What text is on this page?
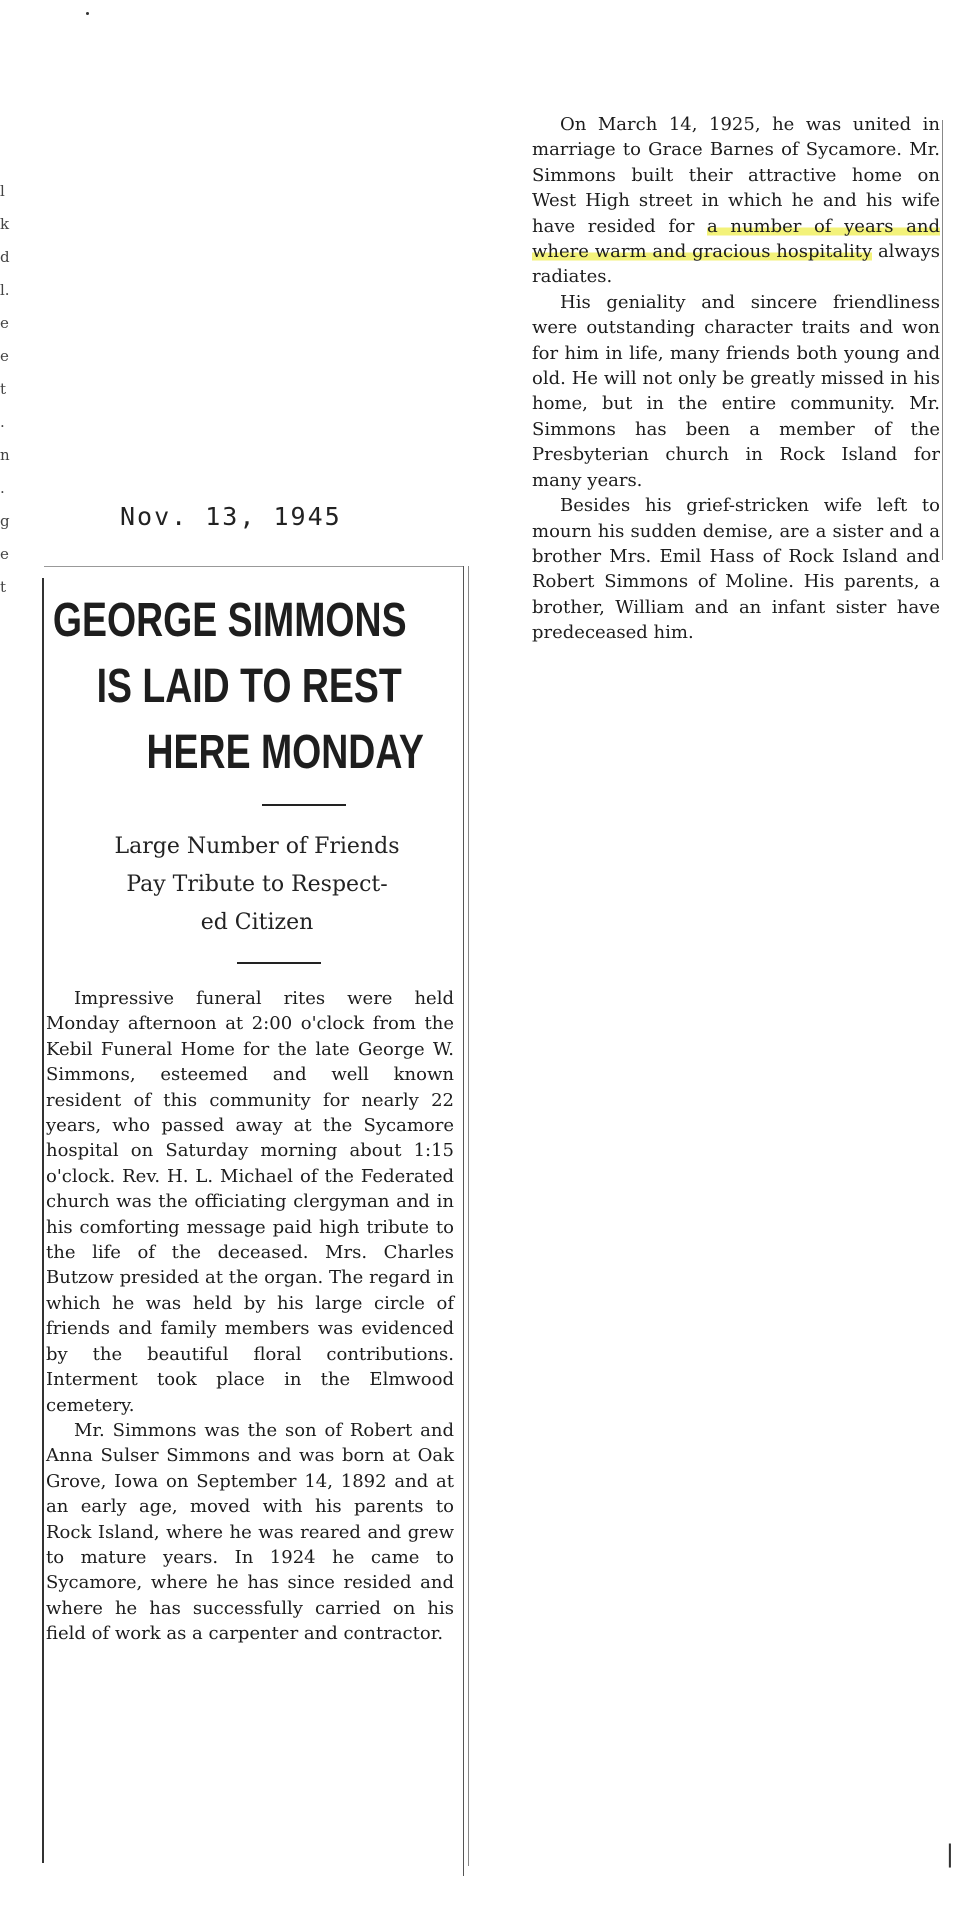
l
k
d
l.
e
e
t
.
n
.
g
e
t
Nov. 13, 1945
GEORGE SIMMONS
IS LAID TO REST
HERE MONDAY
Large Number of Friends
Pay Tribute to Respect-
ed Citizen

Impressive funeral rites were held Monday afternoon at 2:00 o'clock from the Kebil Funeral Home for the late George W. Simmons, esteemed and well known resident of this community for nearly 22 years, who passed away at the Sycamore hospital on Saturday morning about 1:15 o'clock. Rev. H. L. Michael of the Federated church was the officiating clergyman and in his comforting message paid high tribute to the life of the deceased. Mrs. Charles Butzow presided at the organ. The regard in which he was held by his large circle of friends and family members was evidenced by the beautiful floral contributions. Interment took place in the Elmwood cemetery.

Mr. Simmons was the son of Robert and Anna Sulser Simmons and was born at Oak Grove, Iowa on September 14, 1892 and at an early age, moved with his parents to Rock Island, where he was reared and grew to mature years. In 1924 he came to Sycamore, where he has since resided and where he has successfully carried on his field of work as a carpenter and contractor.

On March 14, 1925, he was united in marriage to Grace Barnes of Sycamore. Mr. Simmons built their attractive home on West High street in which he and his wife have resided for a number of years and where warm and gracious hospitality always radiates.

His geniality and sincere friendliness were outstanding character traits and won for him in life, many friends both young and old. He will not only be greatly missed in his home, but in the entire community. Mr. Simmons has been a member of the Presbyterian church in Rock Island for many years.

Besides his grief-stricken wife left to mourn his sudden demise, are a sister and a brother Mrs. Emil Hass of Rock Island and Robert Simmons of Moline. His parents, a brother, William and an infant sister have predeceased him.

∣
